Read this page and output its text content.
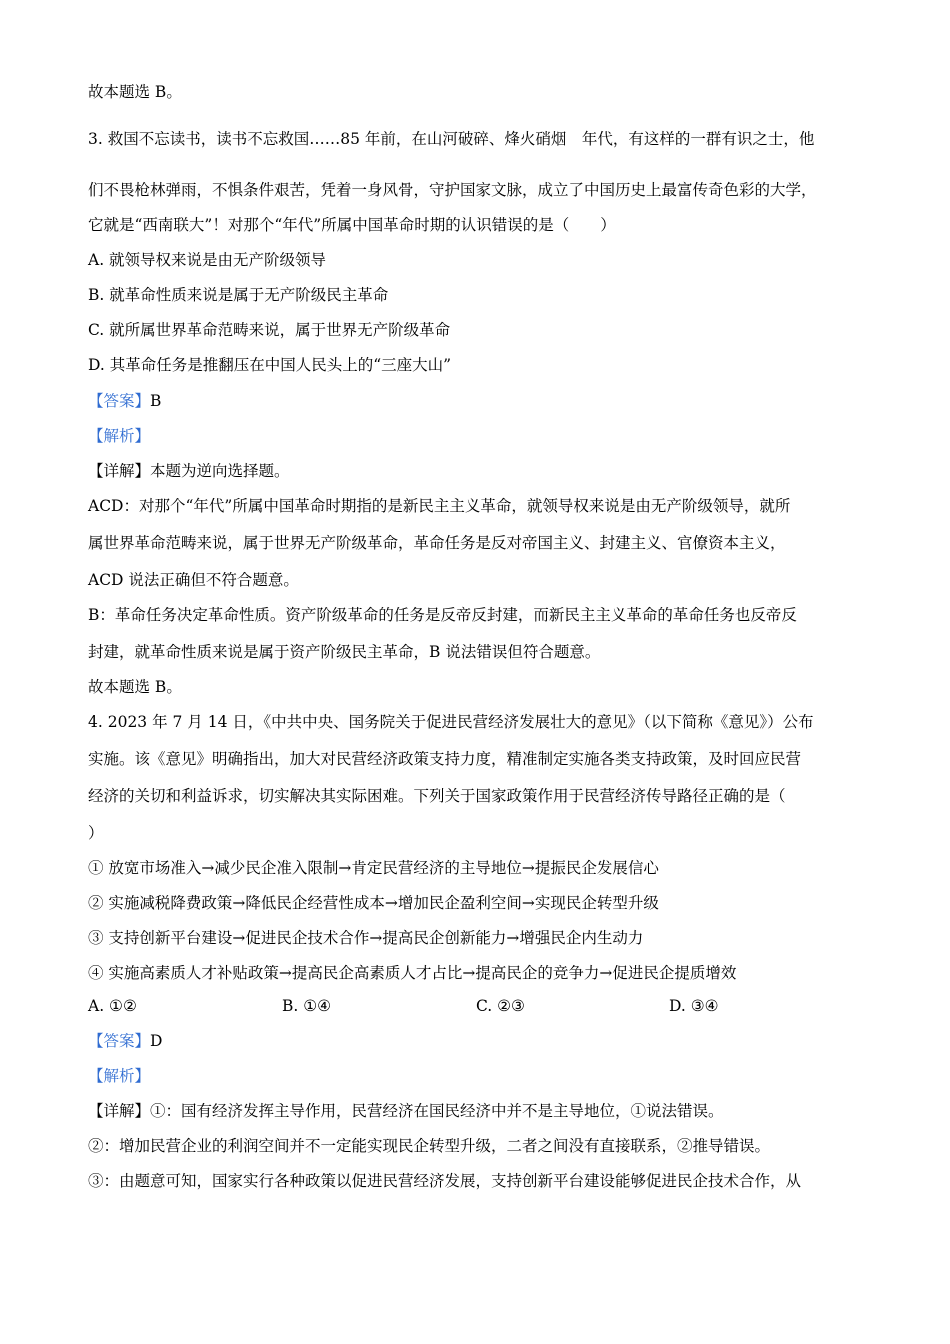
故本题选 B。
3. 救国不忘读书，读书不忘救国……85 年前，在山河破碎、烽火硝烟　年代，有这样的一群有识之士，他
们不畏枪林弹雨，不惧条件艰苦，凭着一身风骨，守护国家文脉，成立了中国历史上最富传奇色彩的大学，
它就是“西南联大”！对那个“年代”所属中国革命时期的认识错误的是（　　）
A. 就领导权来说是由无产阶级领导
B. 就革命性质来说是属于无产阶级民主革命
C. 就所属世界革命范畴来说，属于世界无产阶级革命
D. 其革命任务是推翻压在中国人民头上的“三座大山”
【答案】B
【解析】
【详解】本题为逆向选择题。
ACD：对那个“年代”所属中国革命时期指的是新民主主义革命，就领导权来说是由无产阶级领导，就所
属世界革命范畴来说，属于世界无产阶级革命，革命任务是反对帝国主义、封建主义、官僚资本主义，
ACD 说法正确但不符合题意。
B：革命任务决定革命性质。资产阶级革命的任务是反帝反封建，而新民主主义革命的革命任务也反帝反
封建，就革命性质来说是属于资产阶级民主革命，B 说法错误但符合题意。
故本题选 B。
4. 2023 年 7 月 14 日，《中共中央、国务院关于促进民营经济发展壮大的意见》（以下简称《意见》）公布
实施。该《意见》明确指出，加大对民营经济政策支持力度，精准制定实施各类支持政策，及时回应民营
经济的关切和利益诉求，切实解决其实际困难。下列关于国家政策作用于民营经济传导路径正确的是（
）
① 放宽市场准入→减少民企准入限制→肯定民营经济的主导地位→提振民企发展信心
② 实施减税降费政策→降低民企经营性成本→增加民企盈利空间→实现民企转型升级
③ 支持创新平台建设→促进民企技术合作→提高民企创新能力→增强民企内生动力
④ 实施高素质人才补贴政策→提高民企高素质人才占比→提高民企的竞争力→促进民企提质增效
A. ①②	B. ①④	C. ②③	D. ③④
【答案】D
【解析】
【详解】①：国有经济发挥主导作用，民营经济在国民经济中并不是主导地位，①说法错误。
②：增加民营企业的利润空间并不一定能实现民企转型升级，二者之间没有直接联系，②推导错误。
③：由题意可知，国家实行各种政策以促进民营经济发展，支持创新平台建设能够促进民企技术合作，从
